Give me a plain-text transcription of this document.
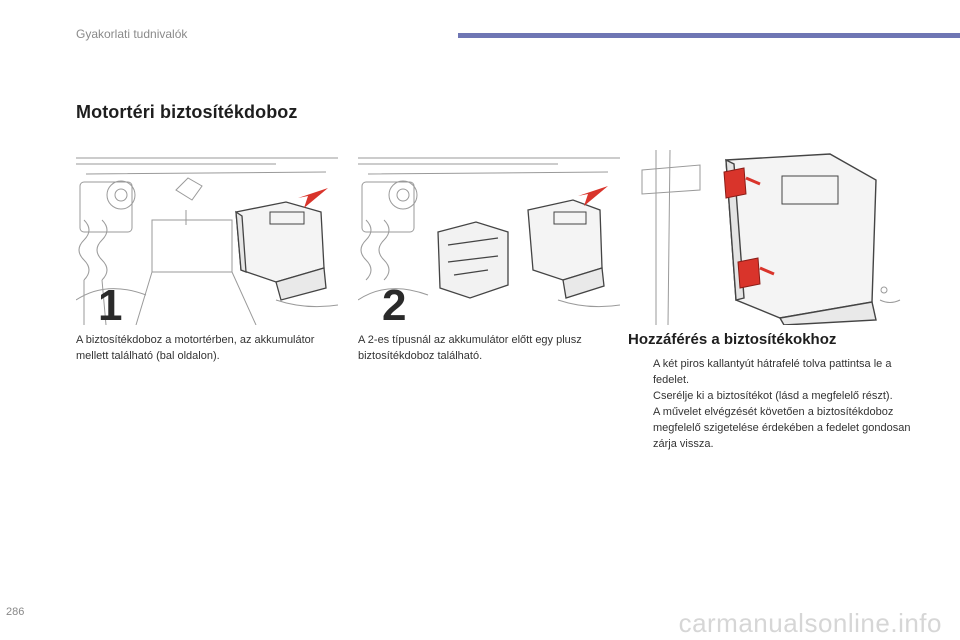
Gyakorlati tudnivalók
Motortéri biztosítékdoboz
1	2
A biztosítékdoboz a motortérben, az akkumulátor mellett található (bal oldalon).
A 2-es típusnál az akkumulátor előtt egy plusz biztosítékdoboz található.
Hozzáférés a biztosítékokhoz
A két piros kallantyút hátrafelé tolva pattintsa le a fedelet.
Cserélje ki a biztosítékot (lásd a megfelelő részt).
A művelet elvégzését követően a biztosítékdoboz megfelelő szigetelése érdekében a fedelet gondosan zárja vissza.
286	carmanualsonline.info
